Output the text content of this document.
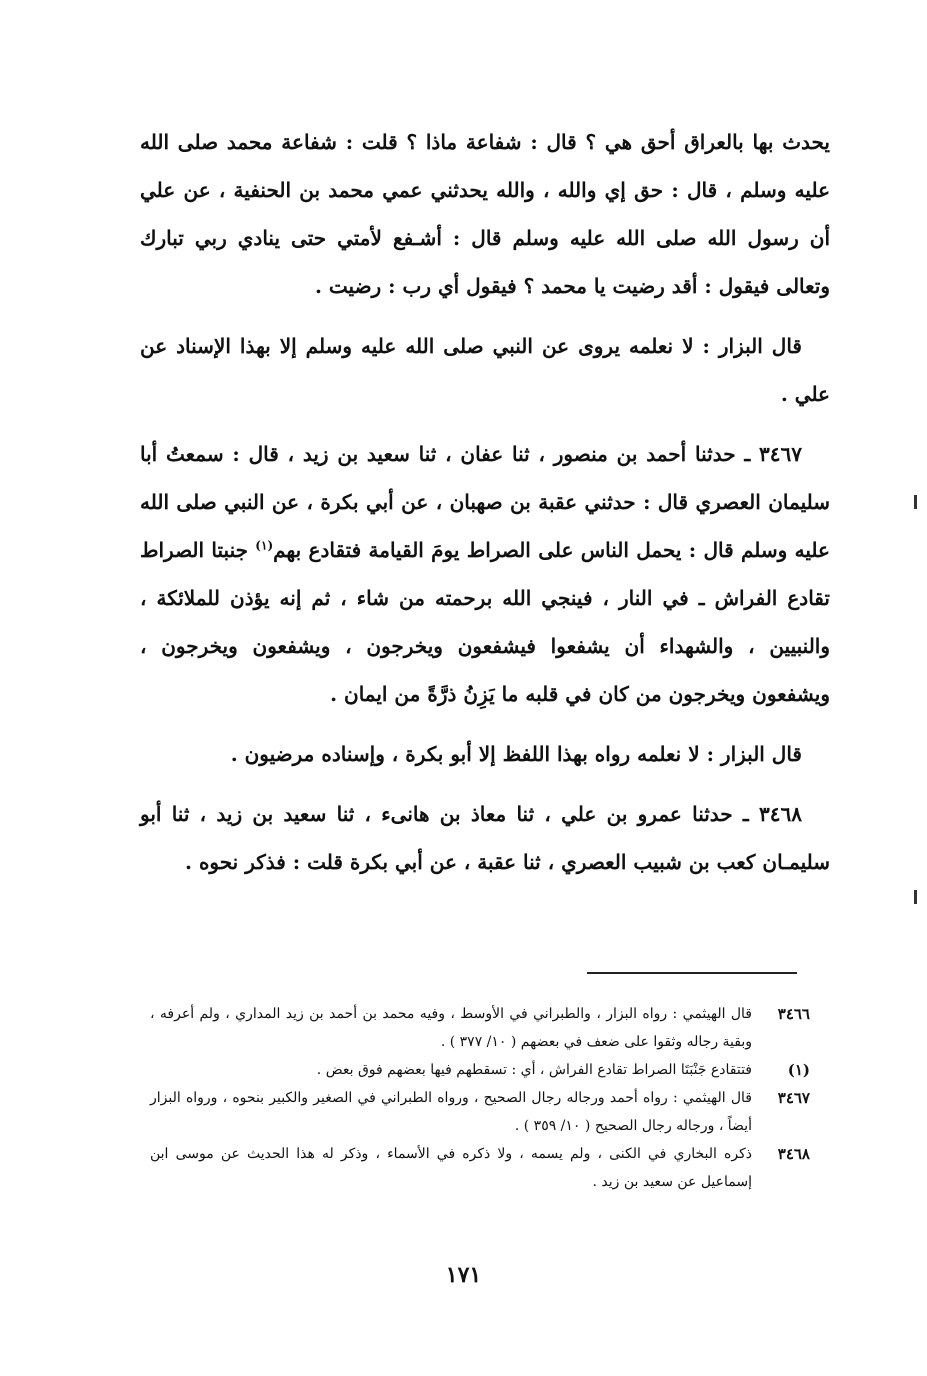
يحدث بها بالعراق أحق هي ؟ قال : شفاعة ماذا ؟ قلت : شفاعة محمد صلى الله عليه وسلم ، قال : حق إي والله ، والله يحدثني عمي محمد بن الحنفية ، عن علي أن رسول الله صلى الله عليه وسلم قال : أشـفع لأمتي حتى ينادي ربي تبارك وتعالى فيقول : أقد رضيت يا محمد ؟ فيقول أي رب : رضيت .

قال البزار : لا نعلمه يروى عن النبي صلى الله عليه وسلم إلا بهذا الإسناد عن علي .

٣٤٦٧ ـ حدثنا أحمد بن منصور ، ثنا عفان ، ثنا سعيد بن زيد ، قال : سمعتُ أبا سليمان العصري قال : حدثني عقبة بن صهبان ، عن أبي بكرة ، عن النبي صلى الله عليه وسلم قال : يحمل الناس على الصراط يومَ القيامة فتقادع بهم$^{(١)}$ جنبتا الصراط تقادع الفراش ـ في النار ، فينجي الله برحمته من شاء ، ثم إنه يؤذن للملائكة ، والنبيين ، والشهداء أن يشفعوا فيشفعون ويخرجون ، ويشفعون ويخرجون ، ويشفعون ويخرجون من كان في قلبه ما يَزِنُ ذرَّةً من ايمان .

قال البزار : لا نعلمه رواه بهذا اللفظ إلا أبو بكرة ، وإسناده مرضيون .

٣٤٦٨ ـ حدثنا عمرو بن علي ، ثنا معاذ بن هانىء ، ثنا سعيد بن زيد ، ثنا أبو سليمـان كعب بن شبيب العصري ، ثنا عقبة ، عن أبي بكرة قلت : فذكر نحوه .

٣٤٦٦
قال الهيثمي : رواه البزار ، والطبراني في الأوسط ، وفيه محمد بن أحمد بن زيد المداري ، ولم أعرفه ، وبقية رجاله وثقوا على ضعف في بعضهم ( ١٠/ ٣٧٧ ) .
(١)
فتتقادع جَنْبَتَا الصراط تقادع الفراش ، أي : تسقطهم فيها بعضهم فوق بعض .
٣٤٦٧
قال الهيثمي : رواه أحمد ورجاله رجال الصحيح ، ورواه الطبراني في الصغير والكبير بنحوه ، ورواه البزار أيضاً ، ورجاله رجال الصحيح ( ١٠/ ٣٥٩ ) .
٣٤٦٨
ذكره البخاري في الكنى ، ولم يسمه ، ولا ذكره في الأسماء ، وذكر له هذا الحديث عن موسى ابن إسماعيل عن سعيد بن زيد .
١٧١
